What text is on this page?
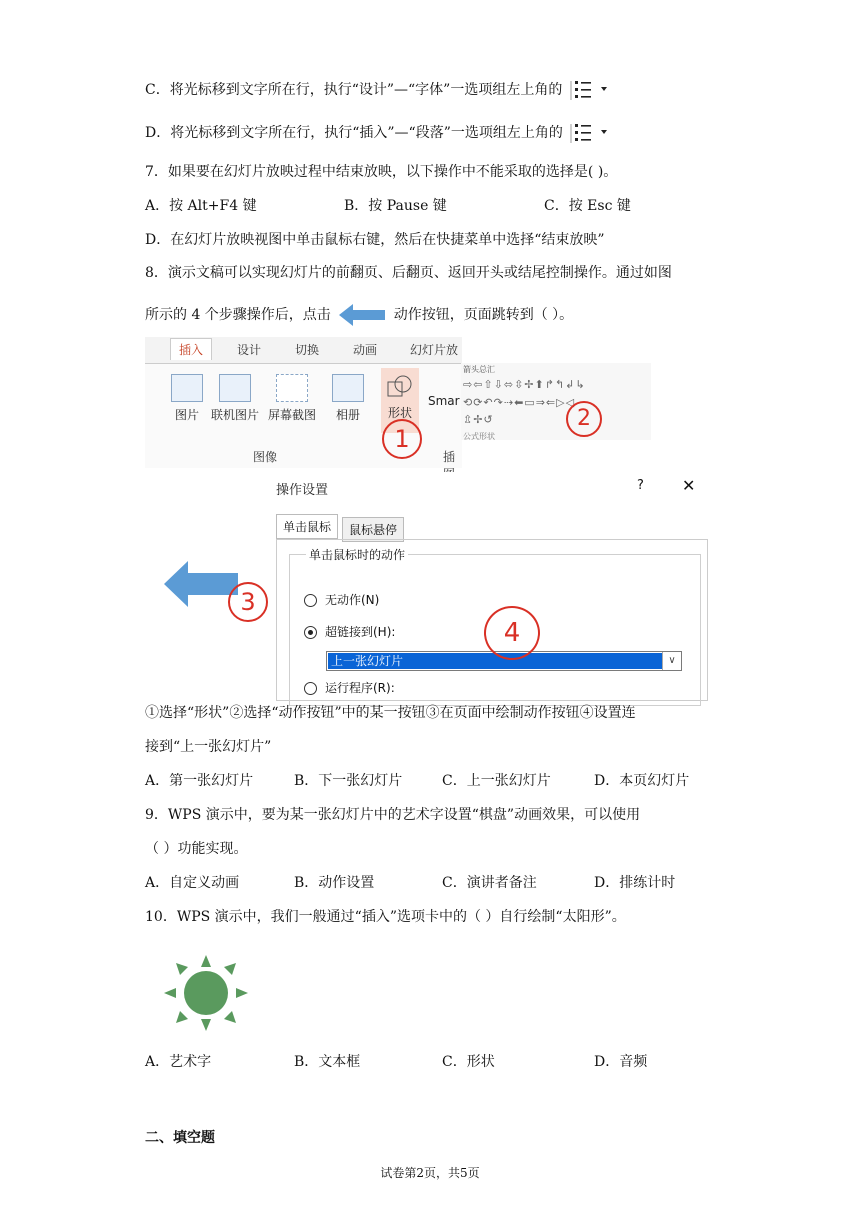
C．将光标移到文字所在行，执行“设计”—“字体”一选项组左上角的
D．将光标移到文字所在行，执行“插入”—“段落”一选项组左上角的
7．如果要在幻灯片放映过程中结束放映，以下操作中不能采取的选择是( )。
A．按 Alt+F4 键	B．按 Pause 键	C．按 Esc 键
D．在幻灯片放映视图中单击鼠标右键，然后在快捷菜单中选择“结束放映”
8．演示文稿可以实现幻灯片的前翻页、后翻页、返回开头或结尾控制操作。通过如图
所示的 4 个步骤操作后，点击	动作按钮，页面跳转到（ ）。
插入	设计	切换	动画	幻灯片放
图片	联机图片 屏幕截图	相册	形状
Smar
图像	插
1
箭头总汇
⇨⇦⇧⇩⬄⇳✢⬆↱↰↲↳
⟲⟳↶↷⇢⬅▭⇒⇐▷◁
⇫✢↺
公式形状
2
3
操作设置	? ✕
单击鼠标	鼠标悬停
单击鼠标时的动作
无动作(N)
超链接到(H):
上一张幻灯片	∨
运行程序(R):
4
①选择“形状”②选择“动作按钮”中的某一按钮③在页面中绘制动作按钮④设置连
接到“上一张幻灯片”
A．第一张幻灯片	B．下一张幻灯片	C．上一张幻灯片	D．本页幻灯片
9．WPS 演示中，要为某一张幻灯片中的艺术字设置“棋盘”动画效果，可以使用
（ ）功能实现。
A．自定义动画	B．动作设置	C．演讲者备注	D．排练计时
10．WPS 演示中，我们一般通过“插入”选项卡中的（ ）自行绘制“太阳形”。
A．艺术字	B．文本框	C．形状	D．音频
二、填空题
试卷第2页，共5页
